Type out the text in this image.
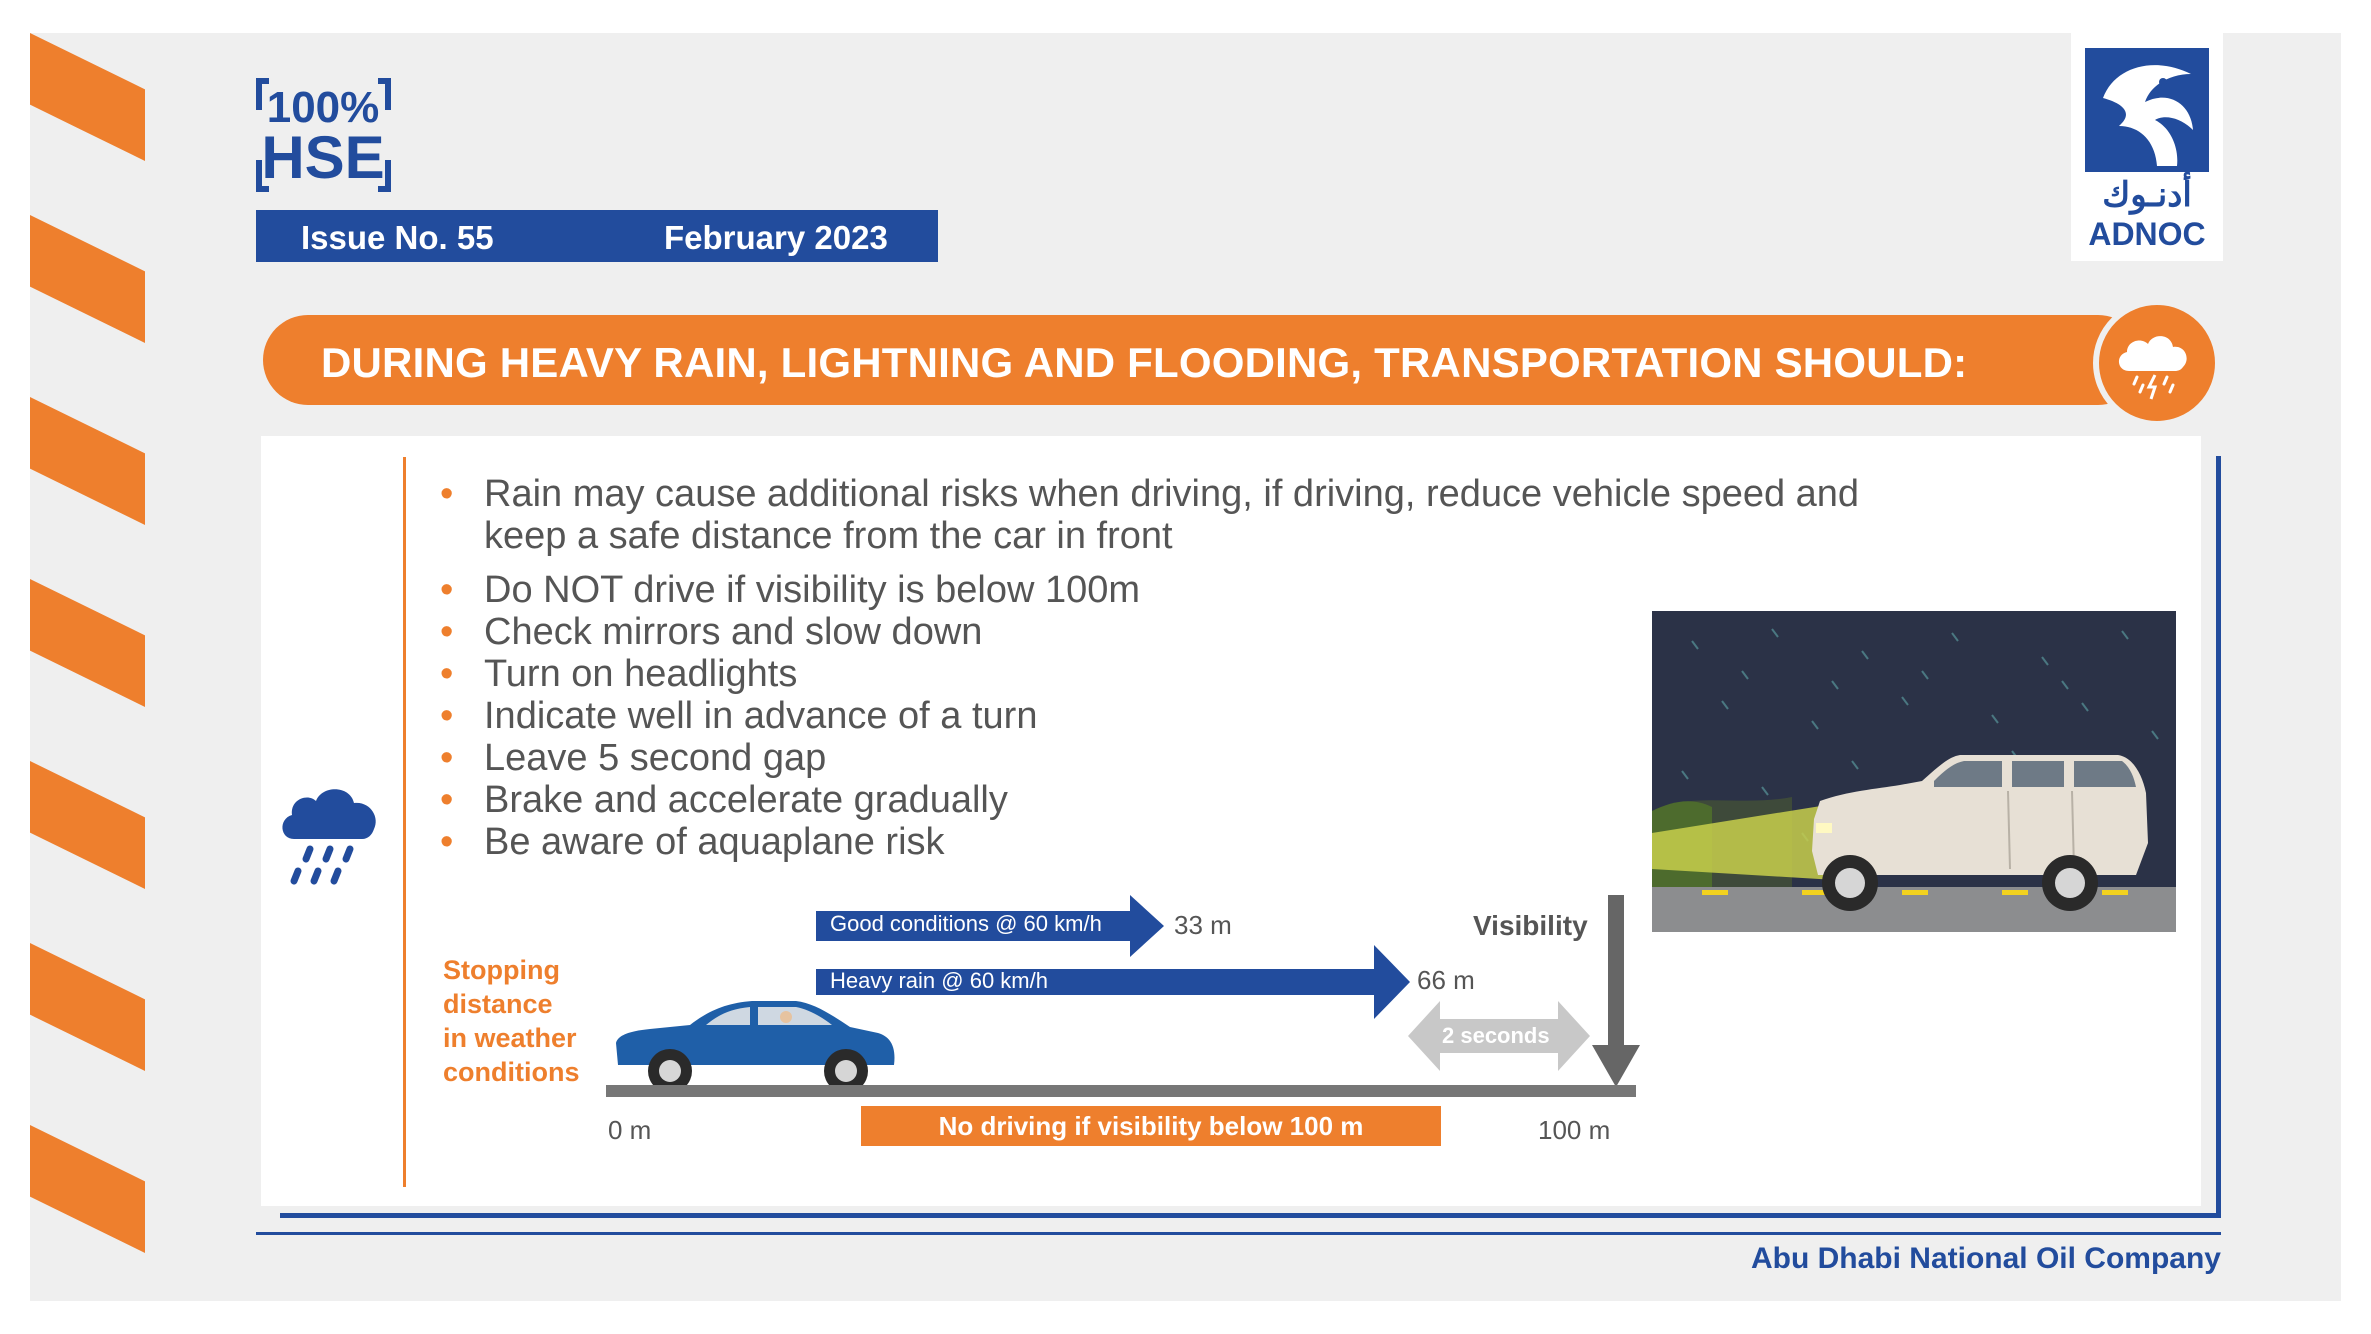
100%
HSE
Issue No. 55	February 2023
أدنـوك
ADNOC
DURING HEAVY RAIN, LIGHTNING AND FLOODING, TRANSPORTATION SHOULD:
• Rain may cause additional risks when driving, if driving, reduce vehicle speed and keep a safe distance from the car in front
• Do NOT drive if visibility is below 100m
• Check mirrors and slow down
• Turn on headlights
• Indicate well in advance of a turn
• Leave 5 second gap
• Brake and accelerate gradually
• Be aware of aquaplane risk
Stopping
distance
in weather
conditions
Good conditions @ 60 km/h	33 m
Heavy rain @ 60 km/h	66 m
Visibility
2 seconds
0 m	100 m
No driving if visibility below 100 m
Abu Dhabi National Oil Company
